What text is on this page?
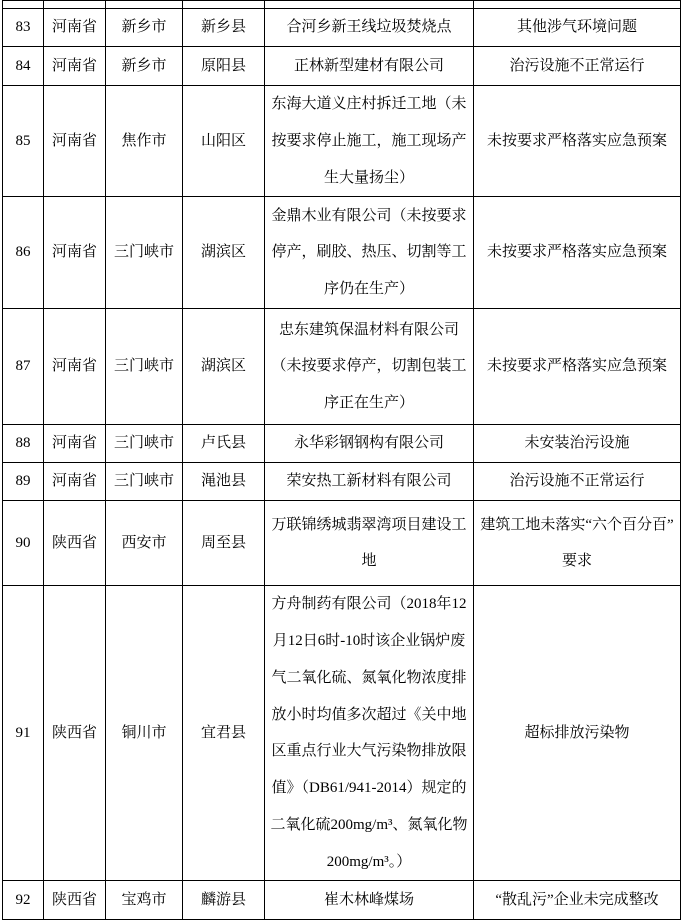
83	河南省	新乡市	新乡县	合河乡新王线垃圾焚烧点	其他涉气环境问题
84	河南省	新乡市	原阳县	正林新型建材有限公司	治污设施不正常运行
85	河南省	焦作市	山阳区	东海大道义庄村拆迁工地（未按要求停止施工，施工现场产生大量扬尘）	未按要求严格落实应急预案
86	河南省	三门峡市	湖滨区	金鼎木业有限公司（未按要求停产，刷胶、热压、切割等工序仍在生产）	未按要求严格落实应急预案
87	河南省	三门峡市	湖滨区	忠东建筑保温材料有限公司（未按要求停产，切割包装工序正在生产）	未按要求严格落实应急预案
88	河南省	三门峡市	卢氏县	永华彩钢钢构有限公司	未安装治污设施
89	河南省	三门峡市	渑池县	荣安热工新材料有限公司	治污设施不正常运行
90	陕西省	西安市	周至县	万联锦绣城翡翠湾项目建设工地	建筑工地未落实“六个百分百”要求
91	陕西省	铜川市	宜君县	方舟制药有限公司（2018年12月12日6时-10时该企业锅炉废气二氧化硫、氮氧化物浓度排放小时均值多次超过《关中地区重点行业大气污染物排放限值》（DB61/941-2014）规定的二氧化硫200mg/m³、氮氧化物200mg/m³。）	超标排放污染物
92	陕西省	宝鸡市	麟游县	崔木林峰煤场	“散乱污”企业未完成整改
